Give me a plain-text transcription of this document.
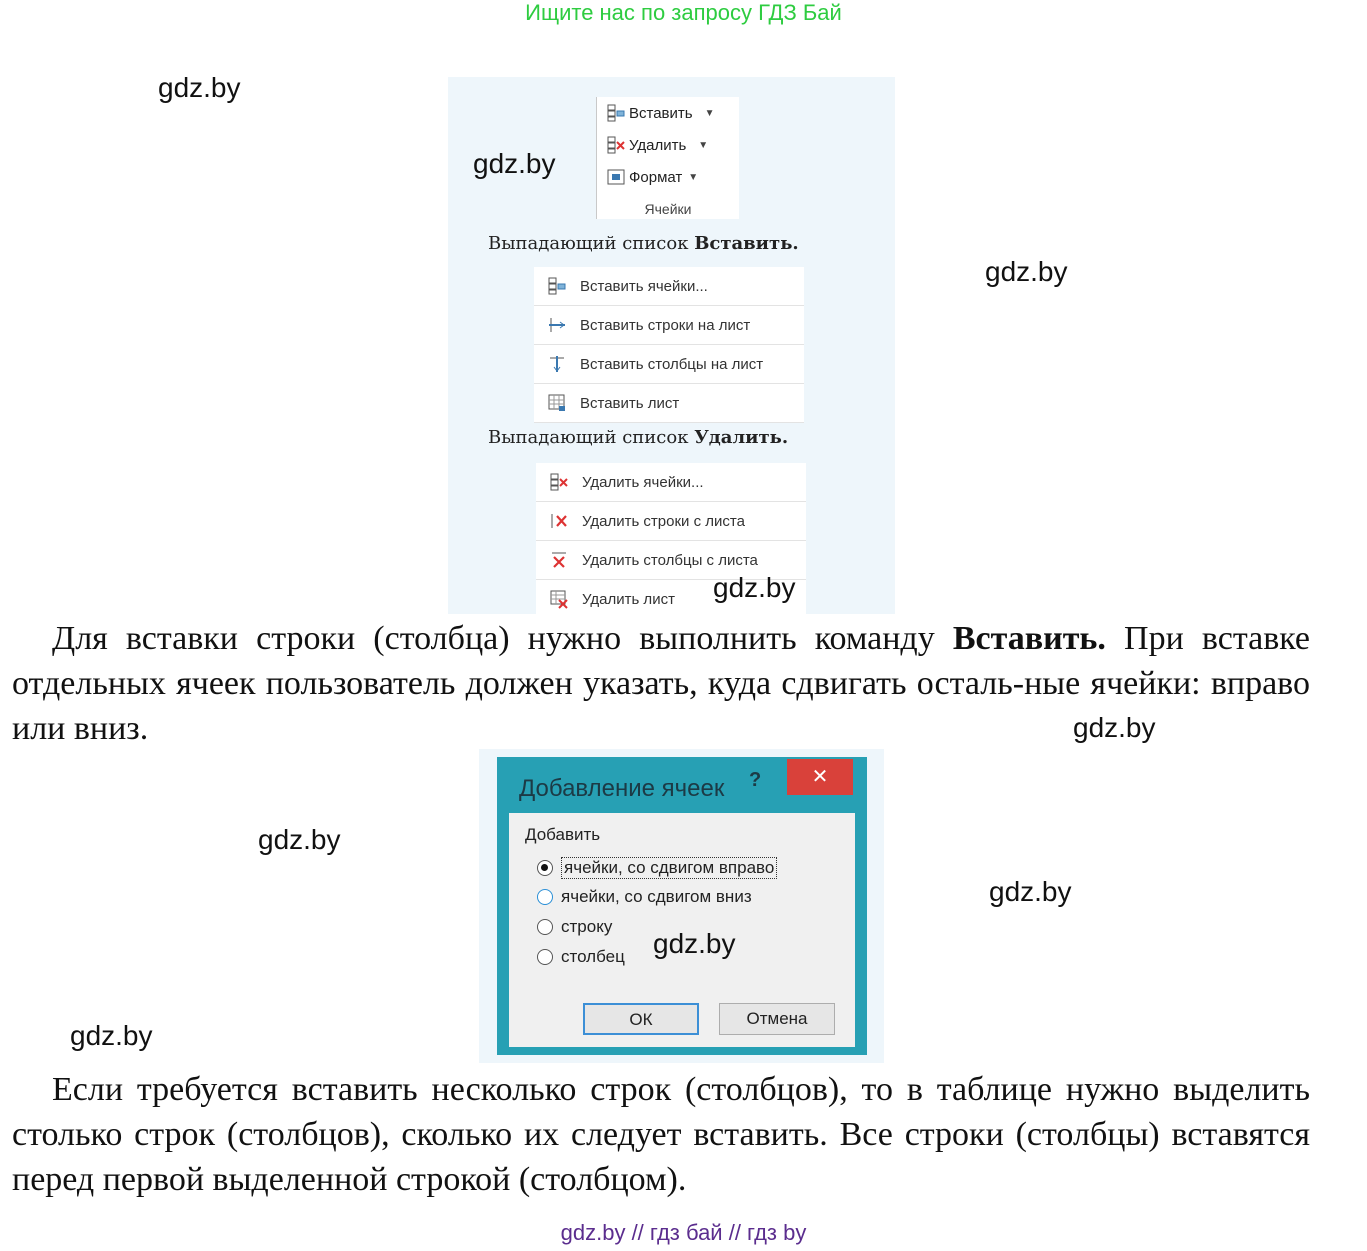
Ищите нас по запросу ГДЗ Бай
gdz.by
gdz.by
gdz.by
gdz.by
gdz.by
gdz.by
Вставить ▼
Удалить ▼
Формат ▼
Ячейки
Выпадающий список Вставить.
Вставить ячейки...
Вставить строки на лист
Вставить столбцы на лист
Вставить лист
Выпадающий список Удалить.
Удалить ячейки...
Удалить строки с листа
Удалить столбцы с листа
Удалить лист
gdz.by
gdz.by
Для вставки строки (столбца) нужно выполнить команду Вставить. При вставке отдельных ячеек пользователь должен указать, куда сдвигать осталь-ные ячейки: вправо или вниз.
Добавление ячеек ?	✕
Добавить
ячейки, со сдвигом вправо
ячейки, со сдвигом вниз
строку
столбец
ОК	Отмена
gdz.by
Если требуется вставить несколько строк (столбцов), то в таблице нужно выделить столько строк (столбцов), сколько их следует вставить. Все строки (столбцы) вставятся перед первой выделенной строкой (столбцом).
gdz.by // гдз бай // гдз by
